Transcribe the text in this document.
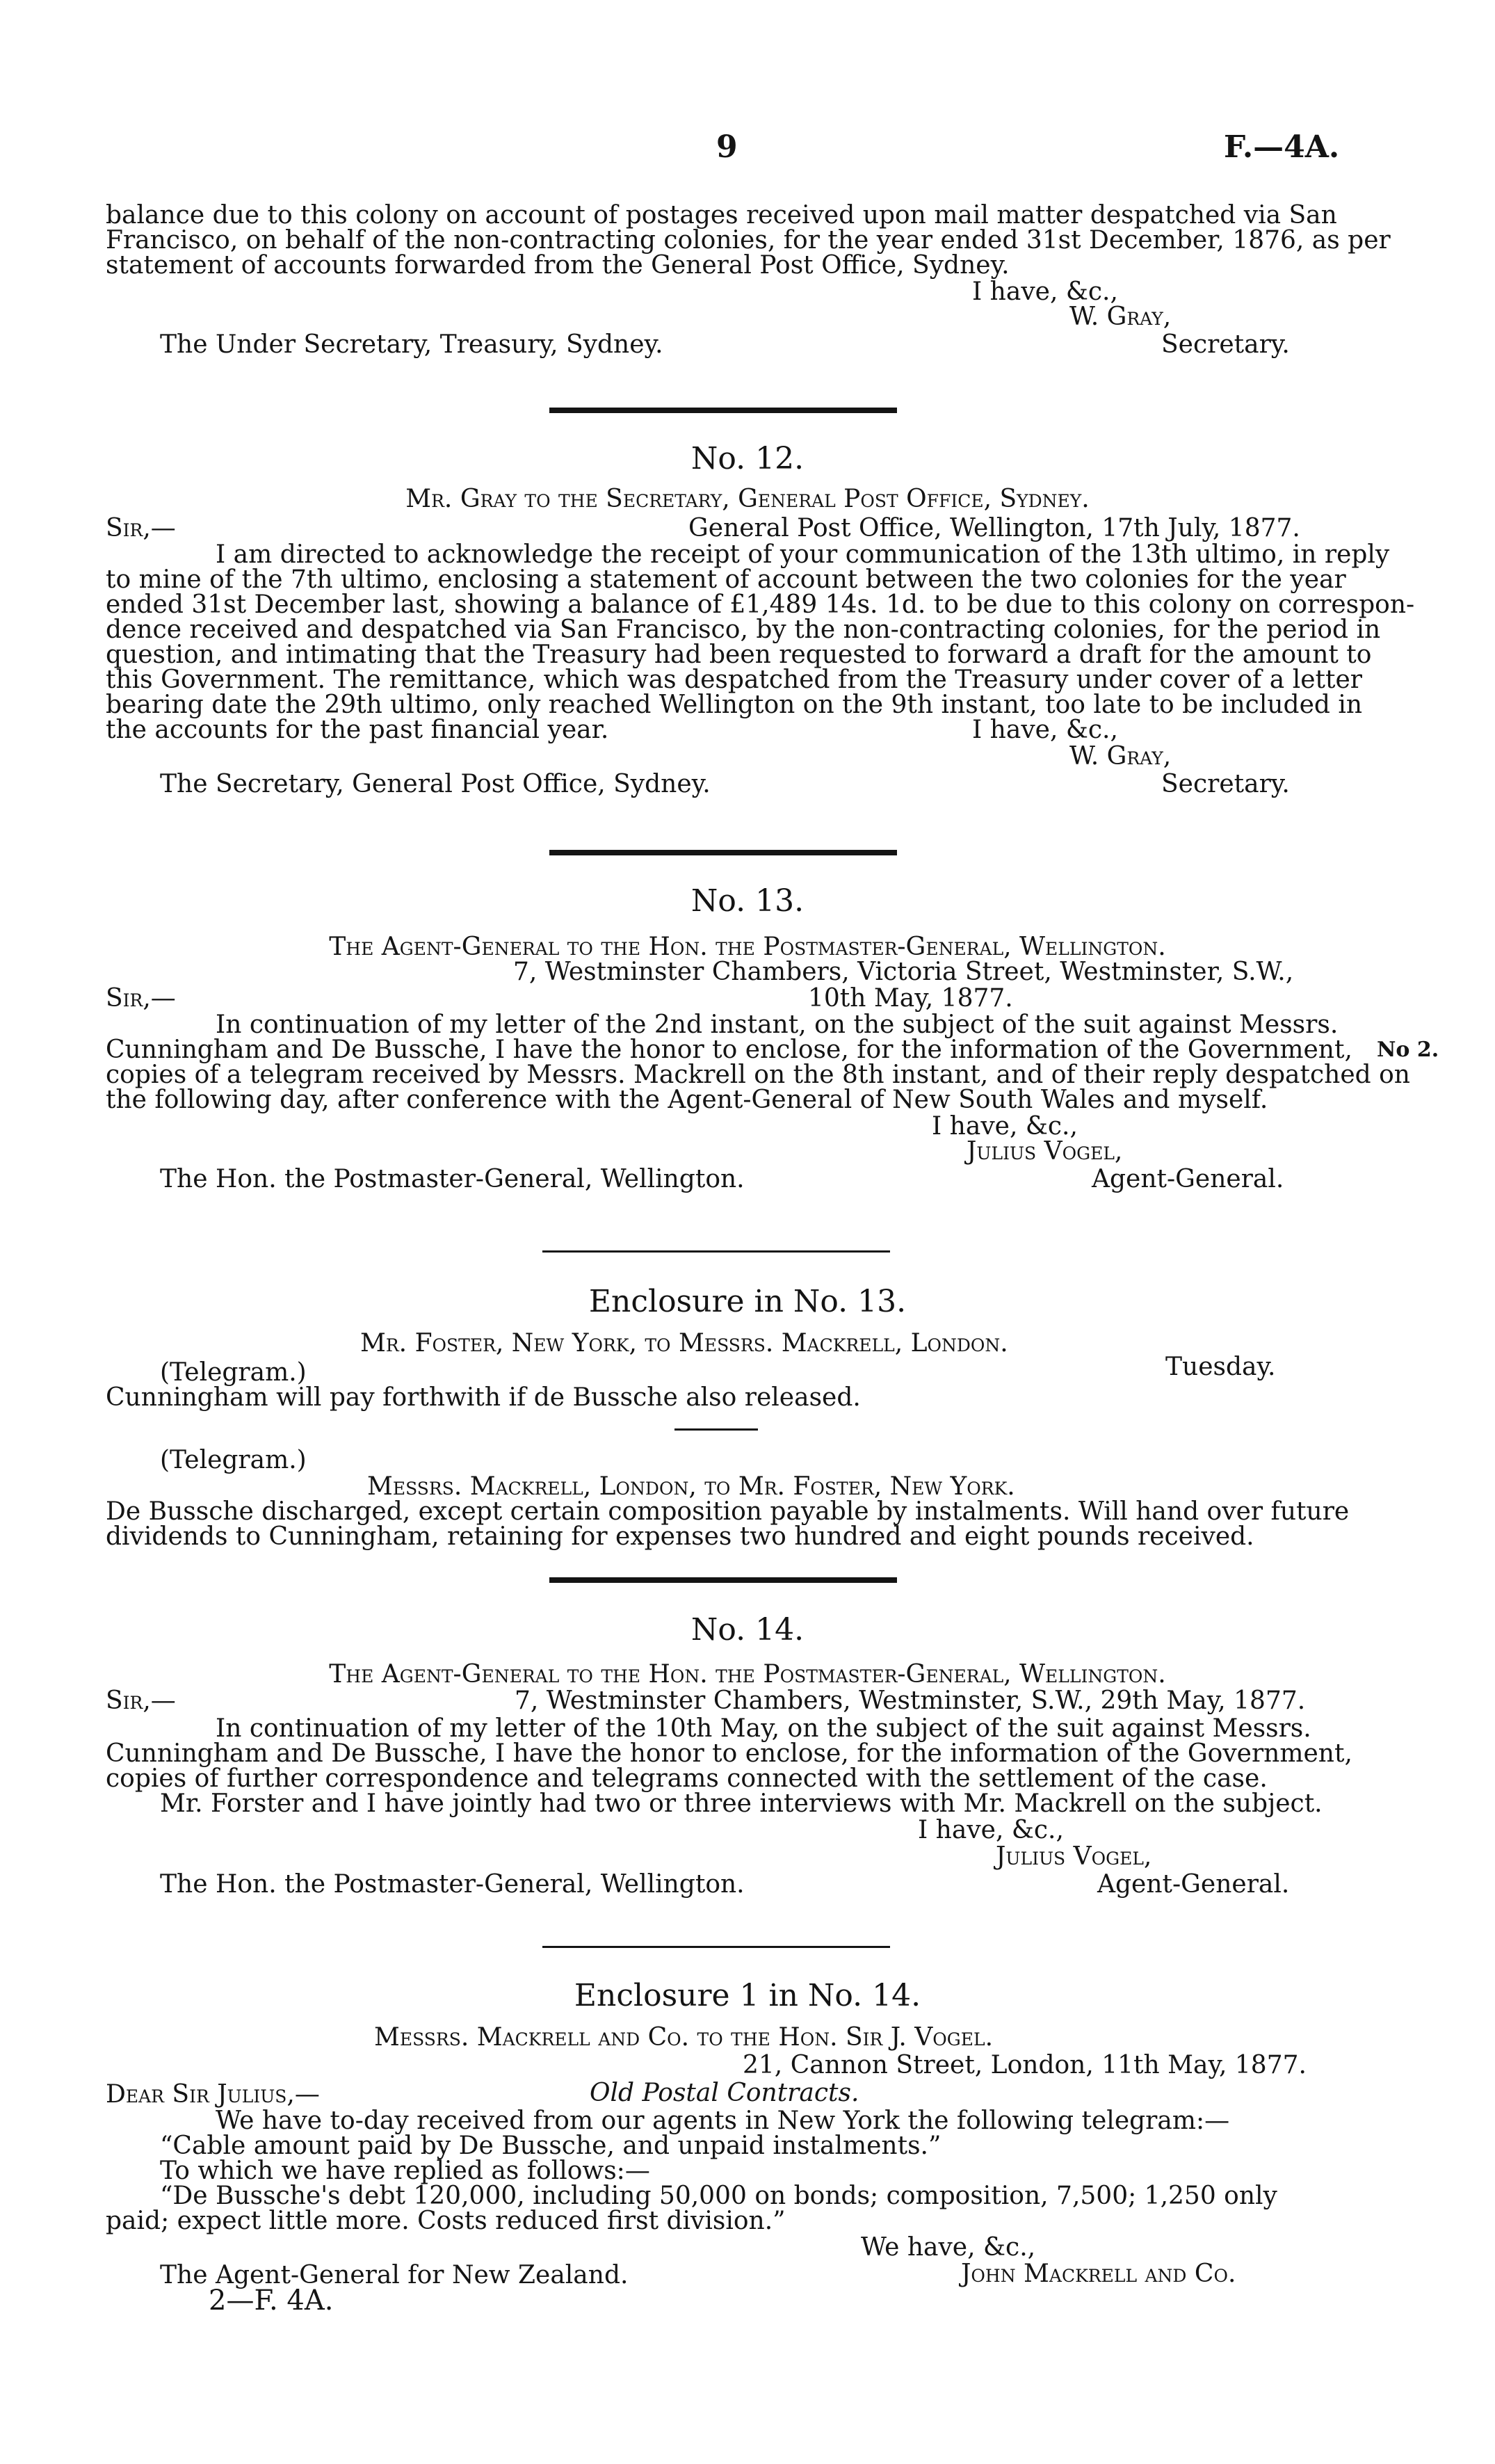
9	F.—4A.
balance due to this colony on account of postages received upon mail matter despatched via San
Francisco, on behalf of the non-contracting colonies, for the year ended 31st December, 1876, as per
statement of accounts forwarded from the General Post Office, Sydney.
I have, &c.,
W. Gray,
The Under Secretary, Treasury, Sydney.	Secretary.
No. 12.
Mr. Gray to the Secretary, General Post Office, Sydney.
Sir,—	General Post Office, Wellington, 17th July, 1877.
I am directed to acknowledge the receipt of your communication of the 13th ultimo, in reply
to mine of the 7th ultimo, enclosing a statement of account between the two colonies for the year
ended 31st December last, showing a balance of £1,489 14s. 1d. to be due to this colony on correspon-
dence received and despatched via San Francisco, by the non-contracting colonies, for the period in
question, and intimating that the Treasury had been requested to forward a draft for the amount to
this Government. The remittance, which was despatched from the Treasury under cover of a letter
bearing date the 29th ultimo, only reached Wellington on the 9th instant, too late to be included in
the accounts for the past financial year.	I have, &c.,
W. Gray,
The Secretary, General Post Office, Sydney.	Secretary.
No. 13.
The Agent-General to the Hon. the Postmaster-General, Wellington.
7, Westminster Chambers, Victoria Street, Westminster, S.W.,
Sir,—	10th May, 1877.
In continuation of my letter of the 2nd instant, on the subject of the suit against Messrs.
Cunningham and De Bussche, I have the honor to enclose, for the information of the Government, No 2.
copies of a telegram received by Messrs. Mackrell on the 8th instant, and of their reply despatched on
the following day, after conference with the Agent-General of New South Wales and myself.
I have, &c.,
Julius Vogel,
The Hon. the Postmaster-General, Wellington.	Agent-General.
Enclosure in No. 13.
Mr. Foster, New York, to Messrs. Mackrell, London.
(Telegram.)	Tuesday.
Cunningham will pay forthwith if de Bussche also released.
(Telegram.)
Messrs. Mackrell, London, to Mr. Foster, New York.
De Bussche discharged, except certain composition payable by instalments. Will hand over future
dividends to Cunningham, retaining for expenses two hundred and eight pounds received.
No. 14.
The Agent-General to the Hon. the Postmaster-General, Wellington.
Sir,—	7, Westminster Chambers, Westminster, S.W., 29th May, 1877.
In continuation of my letter of the 10th May, on the subject of the suit against Messrs.
Cunningham and De Bussche, I have the honor to enclose, for the information of the Government,
copies of further correspondence and telegrams connected with the settlement of the case.
Mr. Forster and I have jointly had two or three interviews with Mr. Mackrell on the subject.
I have, &c.,
Julius Vogel,
The Hon. the Postmaster-General, Wellington.	Agent-General.
Enclosure 1 in No. 14.
Messrs. Mackrell and Co. to the Hon. Sir J. Vogel.
21, Cannon Street, London, 11th May, 1877.
Dear Sir Julius,—	Old Postal Contracts.
We have to-day received from our agents in New York the following telegram:—
“Cable amount paid by De Bussche, and unpaid instalments.”
To which we have replied as follows:—
“De Bussche's debt 120,000, including 50,000 on bonds; composition, 7,500; 1,250 only
paid; expect little more. Costs reduced first division.”
We have, &c.,
The Agent-General for New Zealand.	John Mackrell and Co.
2—F. 4A.
